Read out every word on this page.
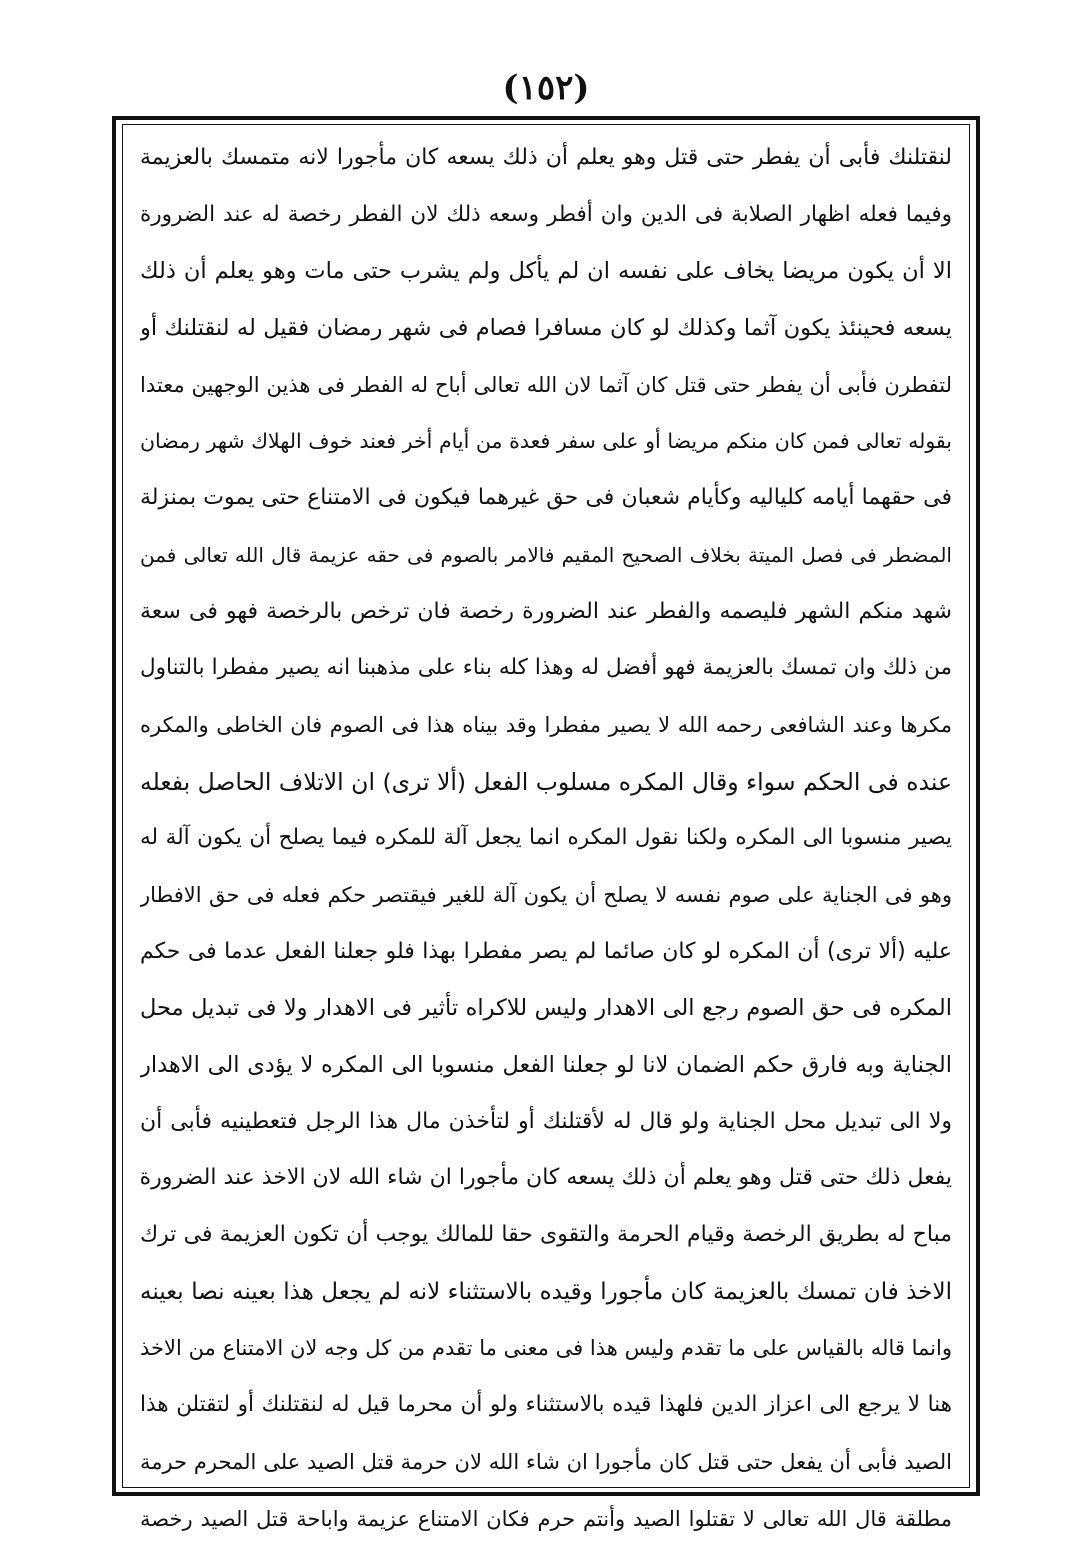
(١٥٢)
لنقتلنك فأبى أن يفطر حتى قتل وهو يعلم أن ذلك يسعه كان مأجورا لانه متمسك بالعزيمة
وفيما فعله اظهار الصلابة فى الدين وان أفطر وسعه ذلك لان الفطر رخصة له عند الضرورة
الا أن يكون مريضا يخاف على نفسه ان لم يأكل ولم يشرب حتى مات وهو يعلم أن ذلك
يسعه فحينئذ يكون آثما وكذلك لو كان مسافرا فصام فى شهر رمضان فقيل له لنقتلنك أو
لتفطرن فأبى أن يفطر حتى قتل كان آثما لان الله تعالى أباح له الفطر فى هذين الوجهين معتدا
بقوله تعالى فمن كان منكم مريضا أو على سفر فعدة من أيام أخر فعند خوف الهلاك شهر رمضان
فى حقهما أيامه كلياليه وكأيام شعبان فى حق غيرهما فيكون فى الامتناع حتى يموت بمنزلة
المضطر فى فصل الميتة بخلاف الصحيح المقيم فالامر بالصوم فى حقه عزيمة قال الله تعالى فمن
شهد منكم الشهر فليصمه والفطر عند الضرورة رخصة فان ترخص بالرخصة فهو فى سعة
من ذلك وان تمسك بالعزيمة فهو أفضل له وهذا كله بناء على مذهبنا انه يصير مفطرا بالتناول
مكرها وعند الشافعى رحمه الله لا يصير مفطرا وقد بيناه هذا فى الصوم فان الخاطى والمكره
عنده فى الحكم سواء وقال المكره مسلوب الفعل (ألا ترى) ان الاتلاف الحاصل بفعله
يصير منسوبا الى المكره ولكنا نقول المكره انما يجعل آلة للمكره فيما يصلح أن يكون آلة له
وهو فى الجناية على صوم نفسه لا يصلح أن يكون آلة للغير فيقتصر حكم فعله فى حق الافطار
عليه (ألا ترى) أن المكره لو كان صائما لم يصر مفطرا بهذا فلو جعلنا الفعل عدما فى حكم
المكره فى حق الصوم رجع الى الاهدار وليس للاكراه تأثير فى الاهدار ولا فى تبديل محل
الجناية وبه فارق حكم الضمان لانا لو جعلنا الفعل منسوبا الى المكره لا يؤدى الى الاهدار
ولا الى تبديل محل الجناية ولو قال له لأقتلنك أو لتأخذن مال هذا الرجل فتعطينيه فأبى أن
يفعل ذلك حتى قتل وهو يعلم أن ذلك يسعه كان مأجورا ان شاء الله لان الاخذ عند الضرورة
مباح له بطريق الرخصة وقيام الحرمة والتقوى حقا للمالك يوجب أن تكون العزيمة فى ترك
الاخذ فان تمسك بالعزيمة كان مأجورا وقيده بالاستثناء لانه لم يجعل هذا بعينه نصا بعينه
وانما قاله بالقياس على ما تقدم وليس هذا فى معنى ما تقدم من كل وجه لان الامتناع من الاخذ
هنا لا يرجع الى اعزاز الدين فلهذا قيده بالاستثناء ولو أن محرما قيل له لنقتلنك أو لتقتلن هذا
الصيد فأبى أن يفعل حتى قتل كان مأجورا ان شاء الله لان حرمة قتل الصيد على المحرم حرمة
مطلقة قال الله تعالى لا تقتلوا الصيد وأنتم حرم فكان الامتناع عزيمة واباحة قتل الصيد رخصة
